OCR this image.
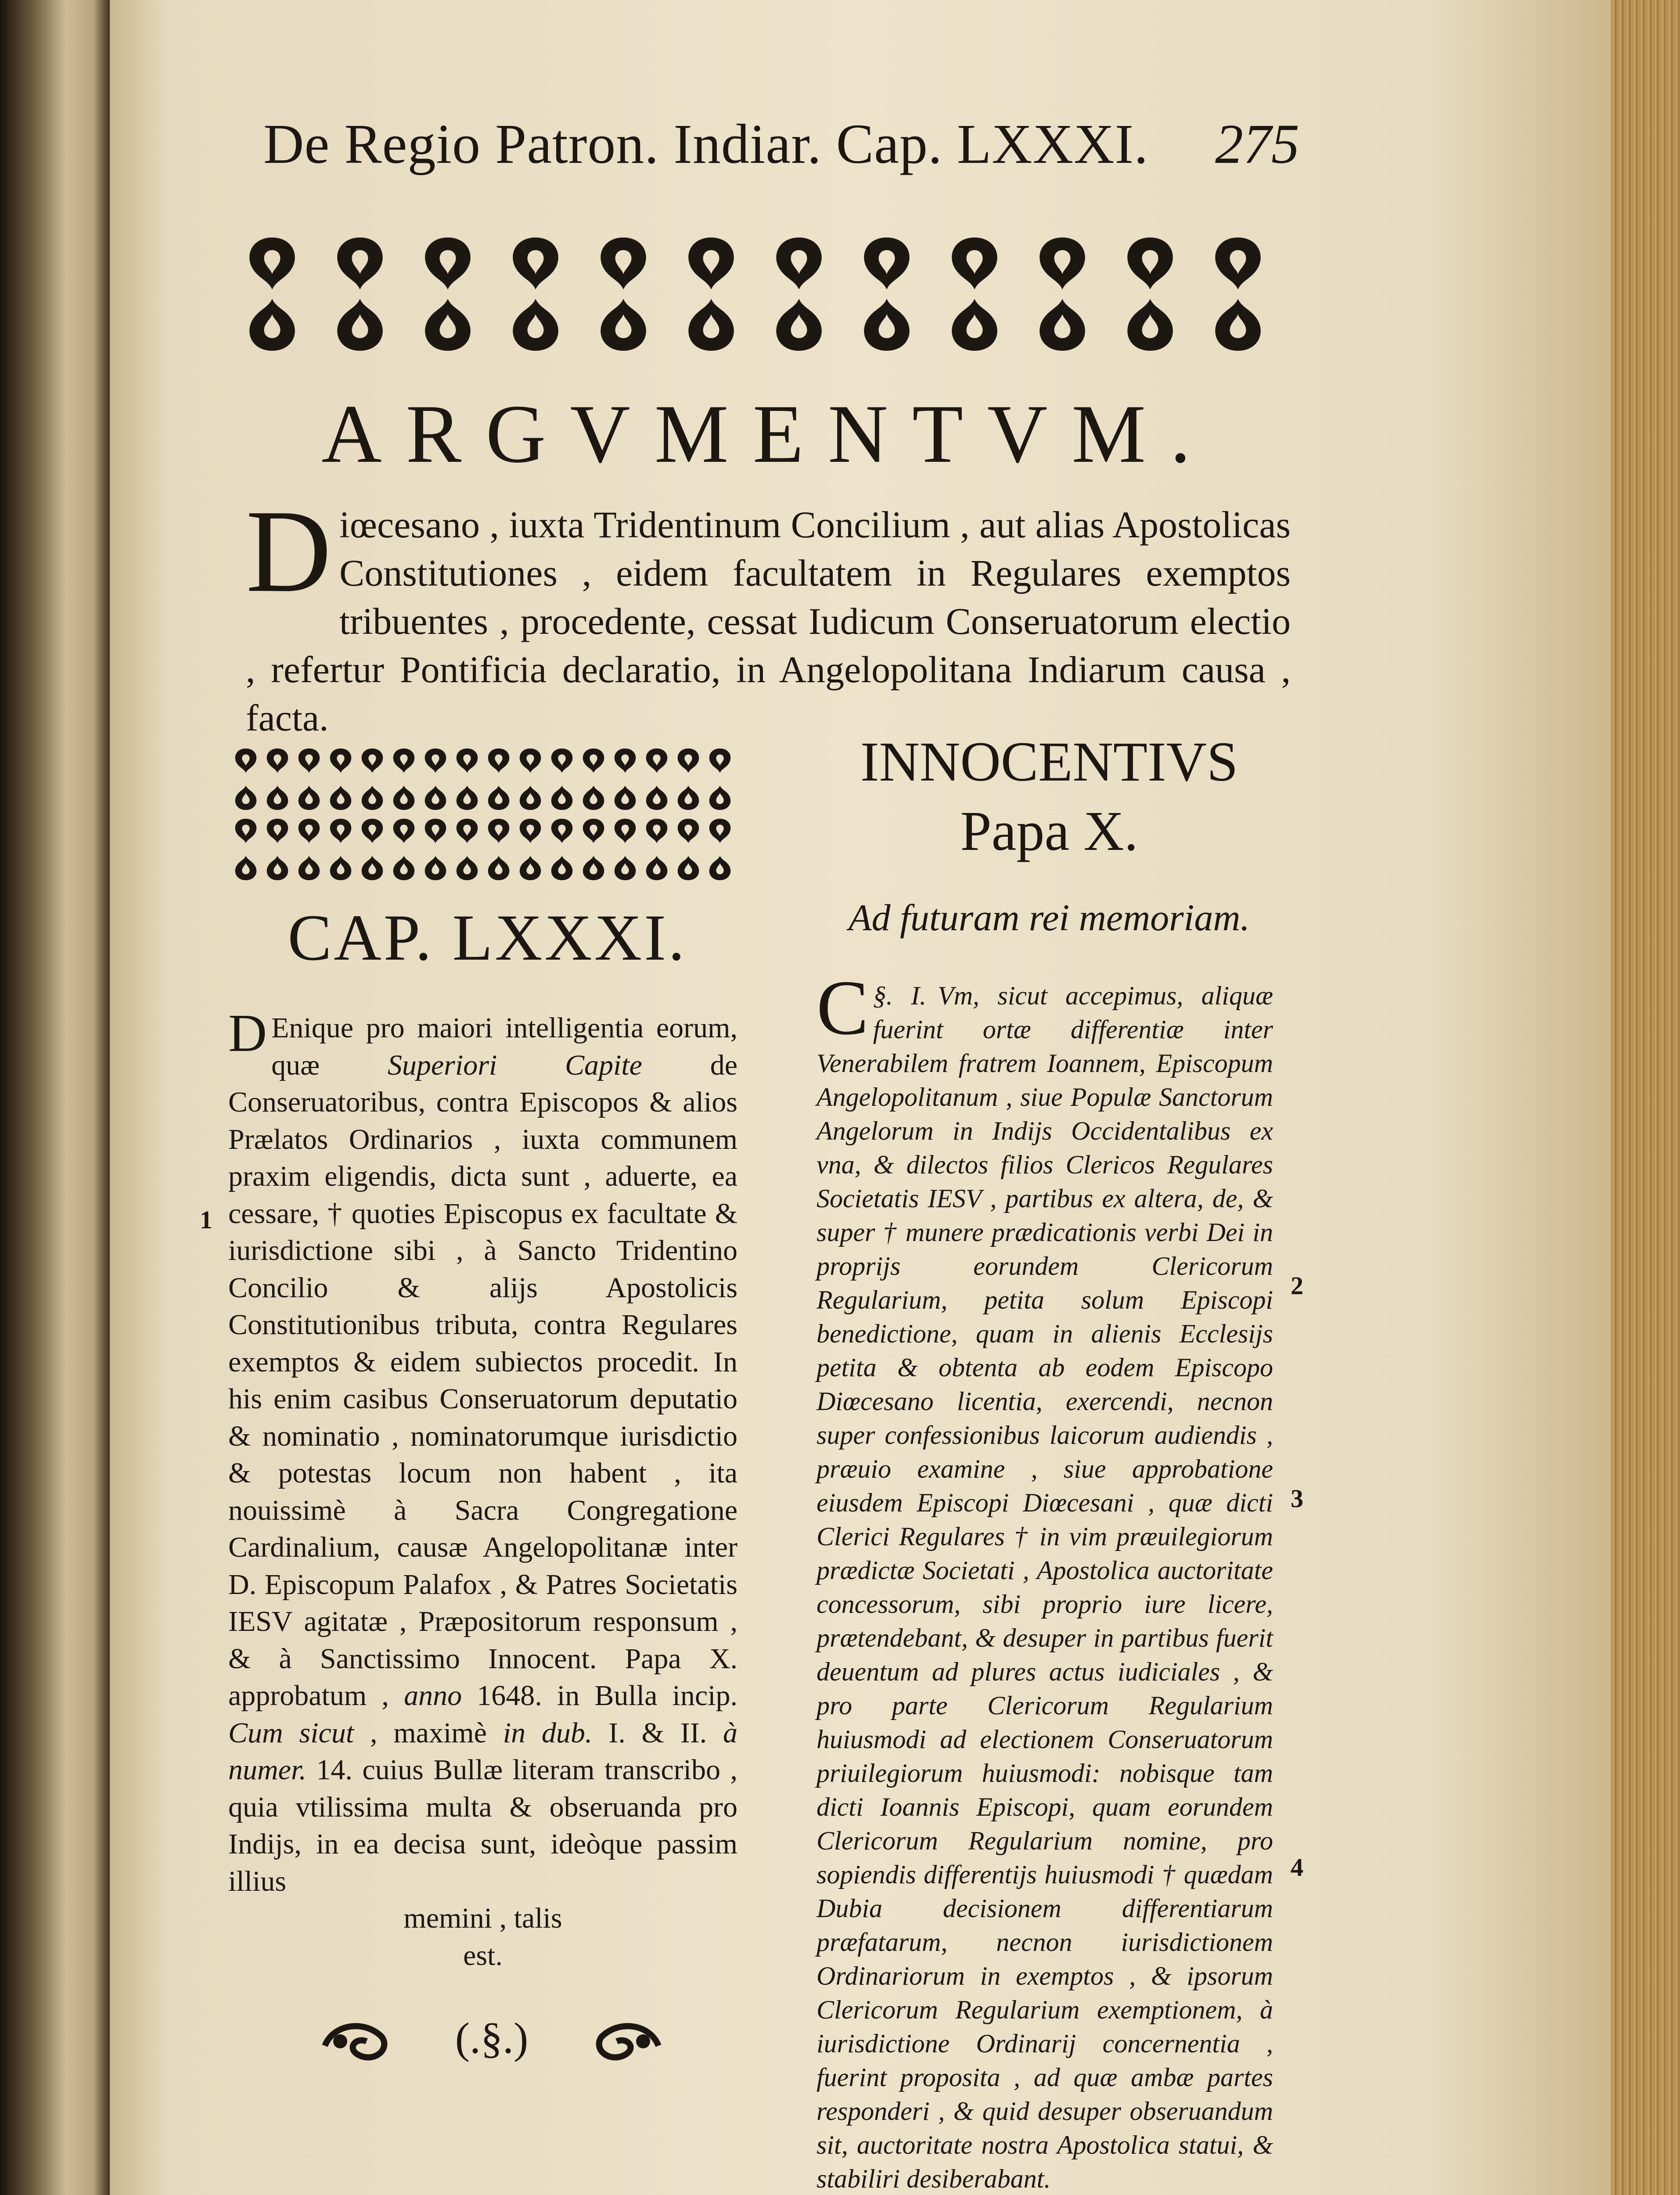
De Regio Patron. Indiar. Cap. LXXXI.	275
ARGVMENTVM.
Diœcesano , iuxta Tridentinum Concilium , aut alias Apostolicas Constitutiones , eidem facultatem in Regulares exemptos tribuentes , procedente, cessat Iudicum Conseruatorum electio , refertur Pontificia declaratio, in Angelopolitana Indiarum causa , facta.
CAP. LXXXI.
D Enique pro maiori intelligentia eorum, quæ Superiori Capite de Conseruatoribus, contra Episcopos & alios Prælatos Ordinarios , iuxta communem praxim eligendis, dicta sunt , aduerte, ea cessare, † quoties Episcopus ex facultate & iurisdictione sibi , à Sancto Tridentino Concilio & alijs Apostolicis Constitutionibus tributa, contra Regulares exemptos & eidem subiectos procedit. In his enim casibus Conseruatorum deputatio & nominatio , nominatorumque iurisdictio & potestas locum non habent , ita nouissimè à Sacra Congregatione Cardinalium, causæ Angelopolitanæ inter D. Episcopum Palafox , & Patres Societatis IESV agitatæ , Præpositorum responsum , & à Sanctissimo Innocent. Papa X. approbatum , anno 1648. in Bulla incip. Cum sicut , maximè in dub. I. & II. à numer. 14. cuius Bullæ literam transcribo , quia vtilissima multa & obseruanda pro Indijs, in ea decisa sunt, ideòque passim illius
memini , talis
est.
1
(.§.)
INNOCENTIVS
Papa X.
Ad futuram rei memoriam.
§. I.
C	Vm, sicut accepimus, aliquæ fuerint ortæ differentiæ inter Venerabilem fratrem Ioannem, Episcopum Angelopolitanum , siue Populæ Sanctorum Angelorum in Indijs Occidentalibus ex vna, & dilectos filios Clericos Regulares Societatis IESV , partibus ex altera, de, & super † munere prædicationis verbi Dei in proprijs eorundem Clericorum Regularium, petita solum Episcopi benedictione, quam in alienis Ecclesijs petita & obtenta ab eodem Episcopo Diœcesano licentia, exercendi, necnon super confessionibus laicorum audiendis , præuio examine , siue approbatione eiusdem Episcopi Diœcesani , quæ dicti Clerici Regulares † in vim præuilegiorum prædictæ Societati , Apostolica auctoritate concessorum, sibi proprio iure licere, prætendebant, & desuper in partibus fuerit deuentum ad plures actus iudiciales , & pro parte Clericorum Regularium huiusmodi ad electionem Conseruatorum priuilegiorum huiusmodi: nobisque tam dicti Ioannis Episcopi, quam eorundem Clericorum Regularium nomine, pro sopiendis differentijs huiusmodi † quædam Dubia decisionem differentiarum præfatarum, necnon iurisdictionem Ordinariorum in exemptos , & ipsorum Clericorum Regularium exemptionem, à iurisdictione Ordinarij concernentia , fuerint proposita , ad quæ ambæ partes responderi , & quid desuper obseruandum sit, auctoritate nostra Apostolica statui, & stabiliri desiberabant.
2
3
4
